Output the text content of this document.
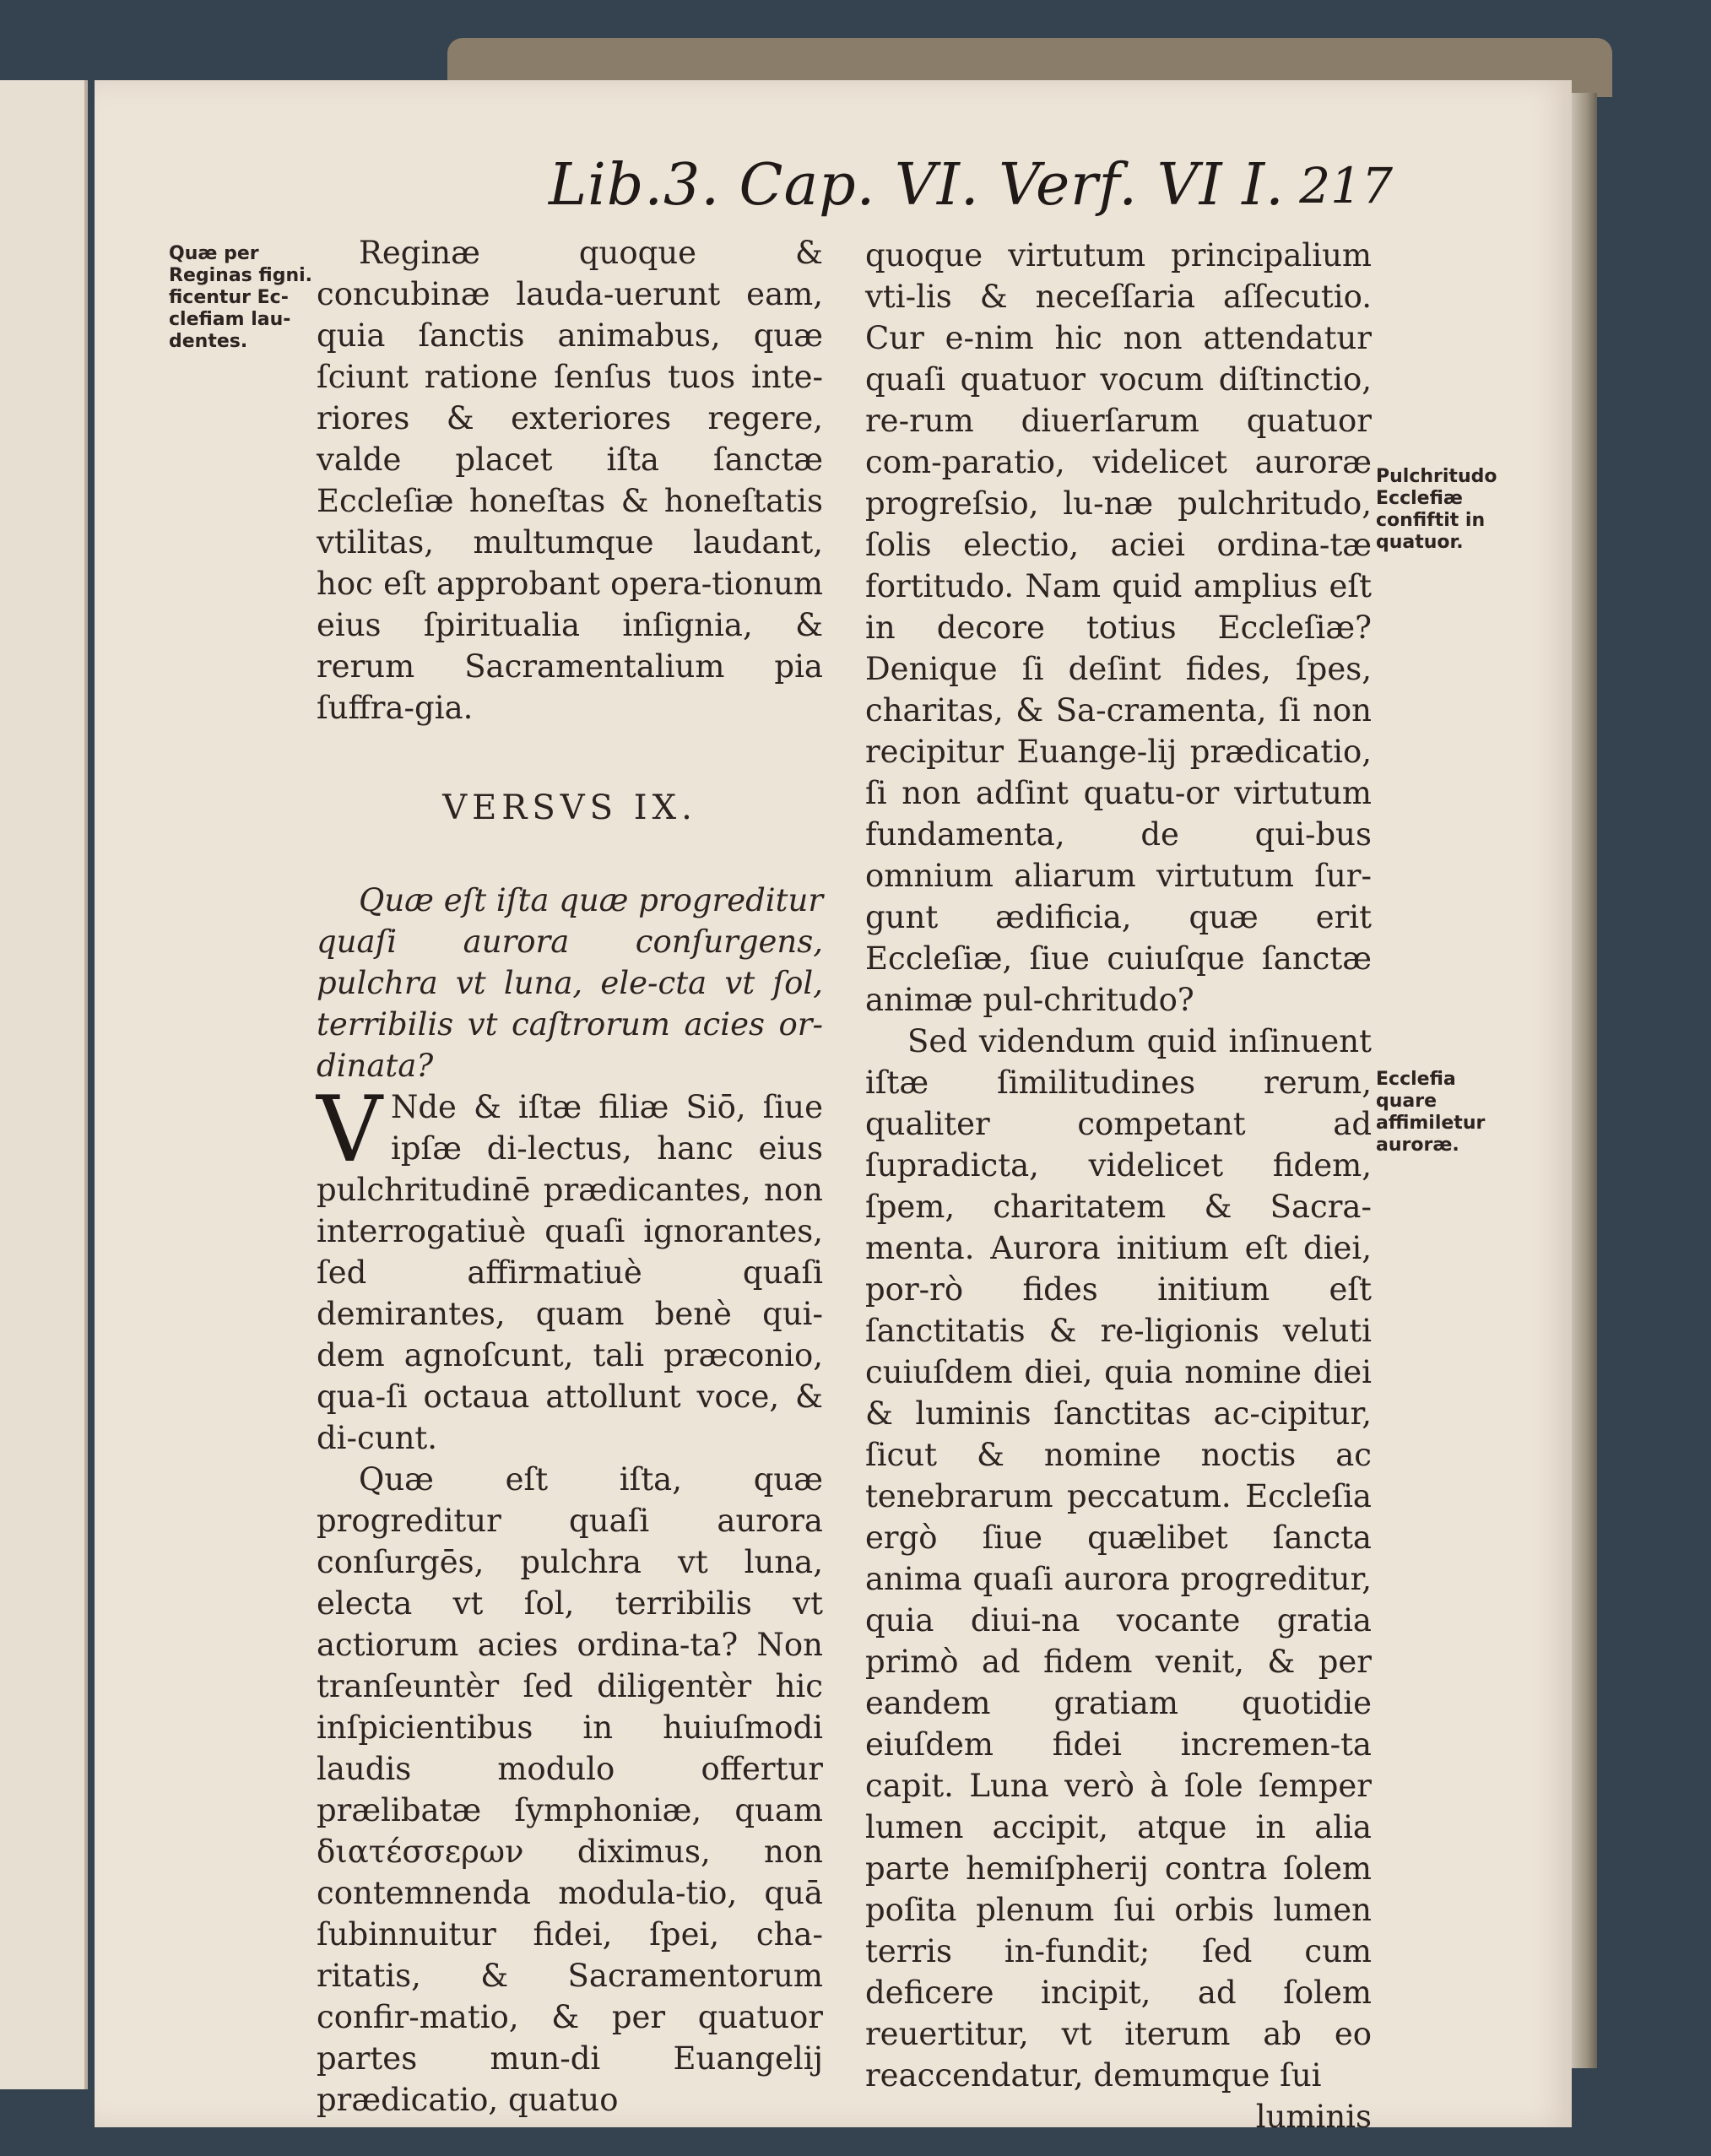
Lib.3. Cap. VI. Verf. VI I. 217
Quæ per Reginas figni. ficentur Ec-clefiam lau-dentes.
Pulchritudo Ecclefiæ confiftit in quatuor.
Ecclefia quare affimiletur auroræ.

Reginæ quoque & concubinæ lauda-uerunt eam, quia ſanctis animabus, quæ ſciunt ratione ſenſus tuos inte-riores & exteriores regere, valde placet iſta ſanctæ Eccleſiæ honeſtas & honeſtatis vtilitas, multumque laudant, hoc eſt approbant opera-tionum eius ſpiritualia inſignia, & rerum Sacramentalium pia ſuffra-gia.

VERSVS IX.

Quæ eſt iſta quæ progreditur quaſi aurora conſurgens, pulchra vt luna, ele-cta vt ſol, terribilis vt caſtrorum acies or-dinata?

V Nde & iſtæ filiæ Siō, ſiue ipſæ di-lectus, hanc eius pulchritudinē prædicantes, non interrogatiuè quaſi ignorantes, ſed affirmatiuè quaſi demirantes, quam benè qui-dem agnoſcunt, tali præconio, qua-ſi octaua attollunt voce, & di-cunt.

Quæ eſt iſta, quæ progreditur quaſi aurora conſurgēs, pulchra vt luna, electa vt ſol, terribilis vt actiorum acies ordina-ta? Non tranſeuntèr ſed diligentèr hic inſpicientibus in huiuſmodi laudis modulo offertur prælibatæ ſymphoniæ, quam διατέσσερων diximus, non contemnenda modula-tio, quā ſubinnuitur fidei, ſpei, cha-ritatis, & Sacramentorum confir-matio, & per quatuor partes mun-di Euangelij prædicatio, quatuo

quoque virtutum principalium vti-lis & neceſſaria aſſecutio. Cur e-nim hic non attendatur quaſi quatuor vocum diſtinctio, re-rum diuerſarum quatuor com-paratio, videlicet auroræ progreſsio, lu-næ pulchritudo, ſolis electio, aciei ordina-tæ fortitudo. Nam quid amplius eſt in decore totius Eccleſiæ? Denique ſi deſint fides, ſpes, charitas, & Sa-cramenta, ſi non recipitur Euange-lij prædicatio, ſi non adſint quatu-or virtutum fundamenta, de qui-bus omnium aliarum virtutum ſur-gunt ædificia, quæ erit Eccleſiæ, ſiue cuiuſque ſanctæ animæ pul-chritudo?

Sed videndum quid inſinuent iſtæ ſimilitudines rerum, qualiter competant ad ſupradicta, videlicet fidem, ſpem, charitatem & Sacra-menta. Aurora initium eſt diei, por-rò fides initium eſt ſanctitatis & re-ligionis veluti cuiuſdem diei, quia nomine diei & luminis ſanctitas ac-cipitur, ſicut & nomine noctis ac tenebrarum peccatum. Eccleſia ergò ſiue quælibet ſancta anima quaſi aurora progreditur, quia diui-na vocante gratia primò ad fidem venit, & per eandem gratiam quotidie eiuſdem fidei incremen-ta capit. Luna verò à ſole ſemper lumen accipit, atque in alia parte hemiſpherij contra ſolem poſita plenum ſui orbis lumen terris in-fundit; ſed cum deficere incipit, ad ſolem reuertitur, vt iterum ab eo reaccendatur, demumque ſui

luminis
